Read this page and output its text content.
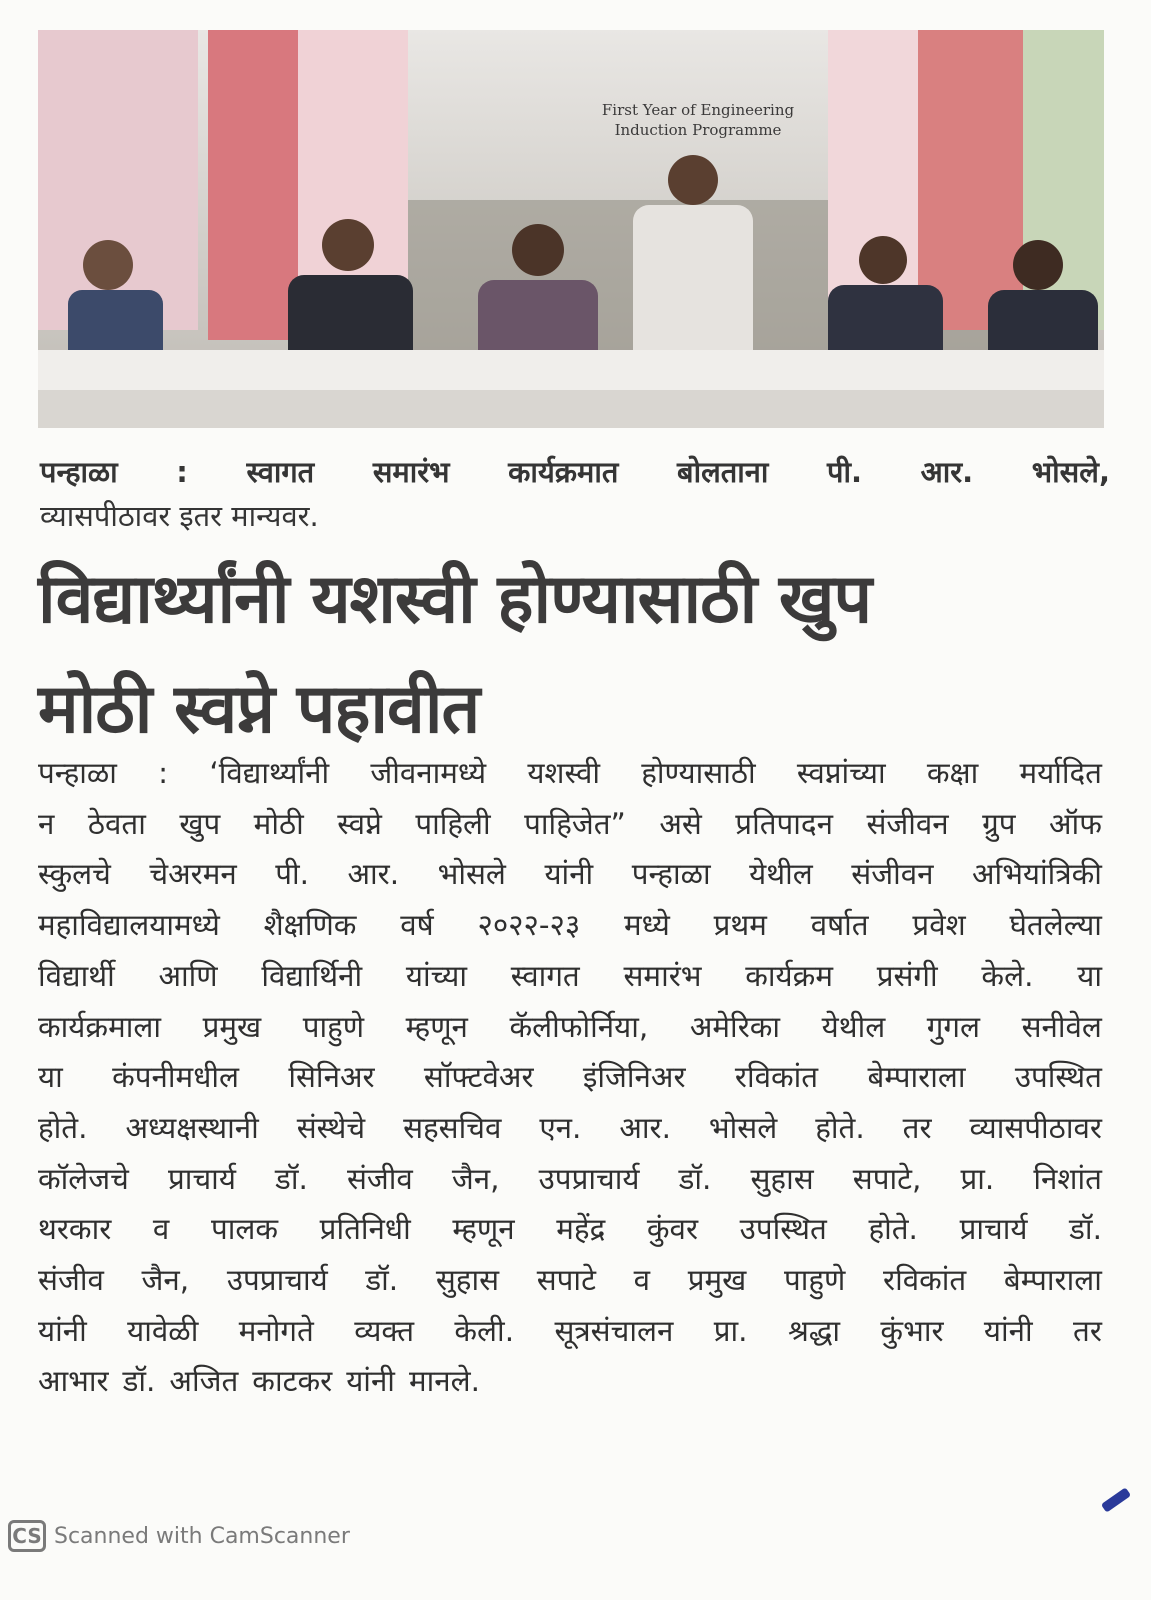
First Year of Engineering
Induction Programme
पन्हाळा : स्वागत समारंभ कार्यक्रमात बोलताना पी. आर. भोसले,
व्यासपीठावर इतर मान्यवर.
विद्यार्थ्यांनी यशस्वी होण्यासाठी खुप
मोठी स्वप्ने पहावीत
पन्हाळा : ‘विद्यार्थ्यांनी जीवनामध्ये यशस्वी होण्यासाठी स्वप्नांच्या कक्षा मर्यादित
न ठेवता खुप मोठी स्वप्ने पाहिली पाहिजेत” असे प्रतिपादन संजीवन ग्रुप ऑफ
स्कुलचे चेअरमन पी. आर. भोसले यांनी पन्हाळा येथील संजीवन अभियांत्रिकी
महाविद्यालयामध्ये शैक्षणिक वर्ष २०२२-२३ मध्ये प्रथम वर्षात प्रवेश घेतलेल्या
विद्यार्थी आणि विद्यार्थिनी यांच्या स्वागत समारंभ कार्यक्रम प्रसंगी केले. या
कार्यक्रमाला प्रमुख पाहुणे म्हणून कॅलीफोर्निया, अमेरिका येथील गुगल सनीवेल
या कंपनीमधील सिनिअर सॉफ्टवेअर इंजिनिअर रविकांत बेम्पाराला उपस्थित
होते. अध्यक्षस्थानी संस्थेचे सहसचिव एन. आर. भोसले होते. तर व्यासपीठावर
कॉलेजचे प्राचार्य डॉ. संजीव जैन, उपप्राचार्य डॉ. सुहास सपाटे, प्रा. निशांत
थरकार व पालक प्रतिनिधी म्हणून महेंद्र कुंवर उपस्थित होते. प्राचार्य डॉ.
संजीव जैन, उपप्राचार्य डॉ. सुहास सपाटे व प्रमुख पाहुणे रविकांत बेम्पाराला
यांनी यावेळी मनोगते व्यक्त केली. सूत्रसंचालन प्रा. श्रद्धा कुंभार यांनी तर
आभार डॉ. अजित काटकर यांनी मानले.
CS Scanned with CamScanner
